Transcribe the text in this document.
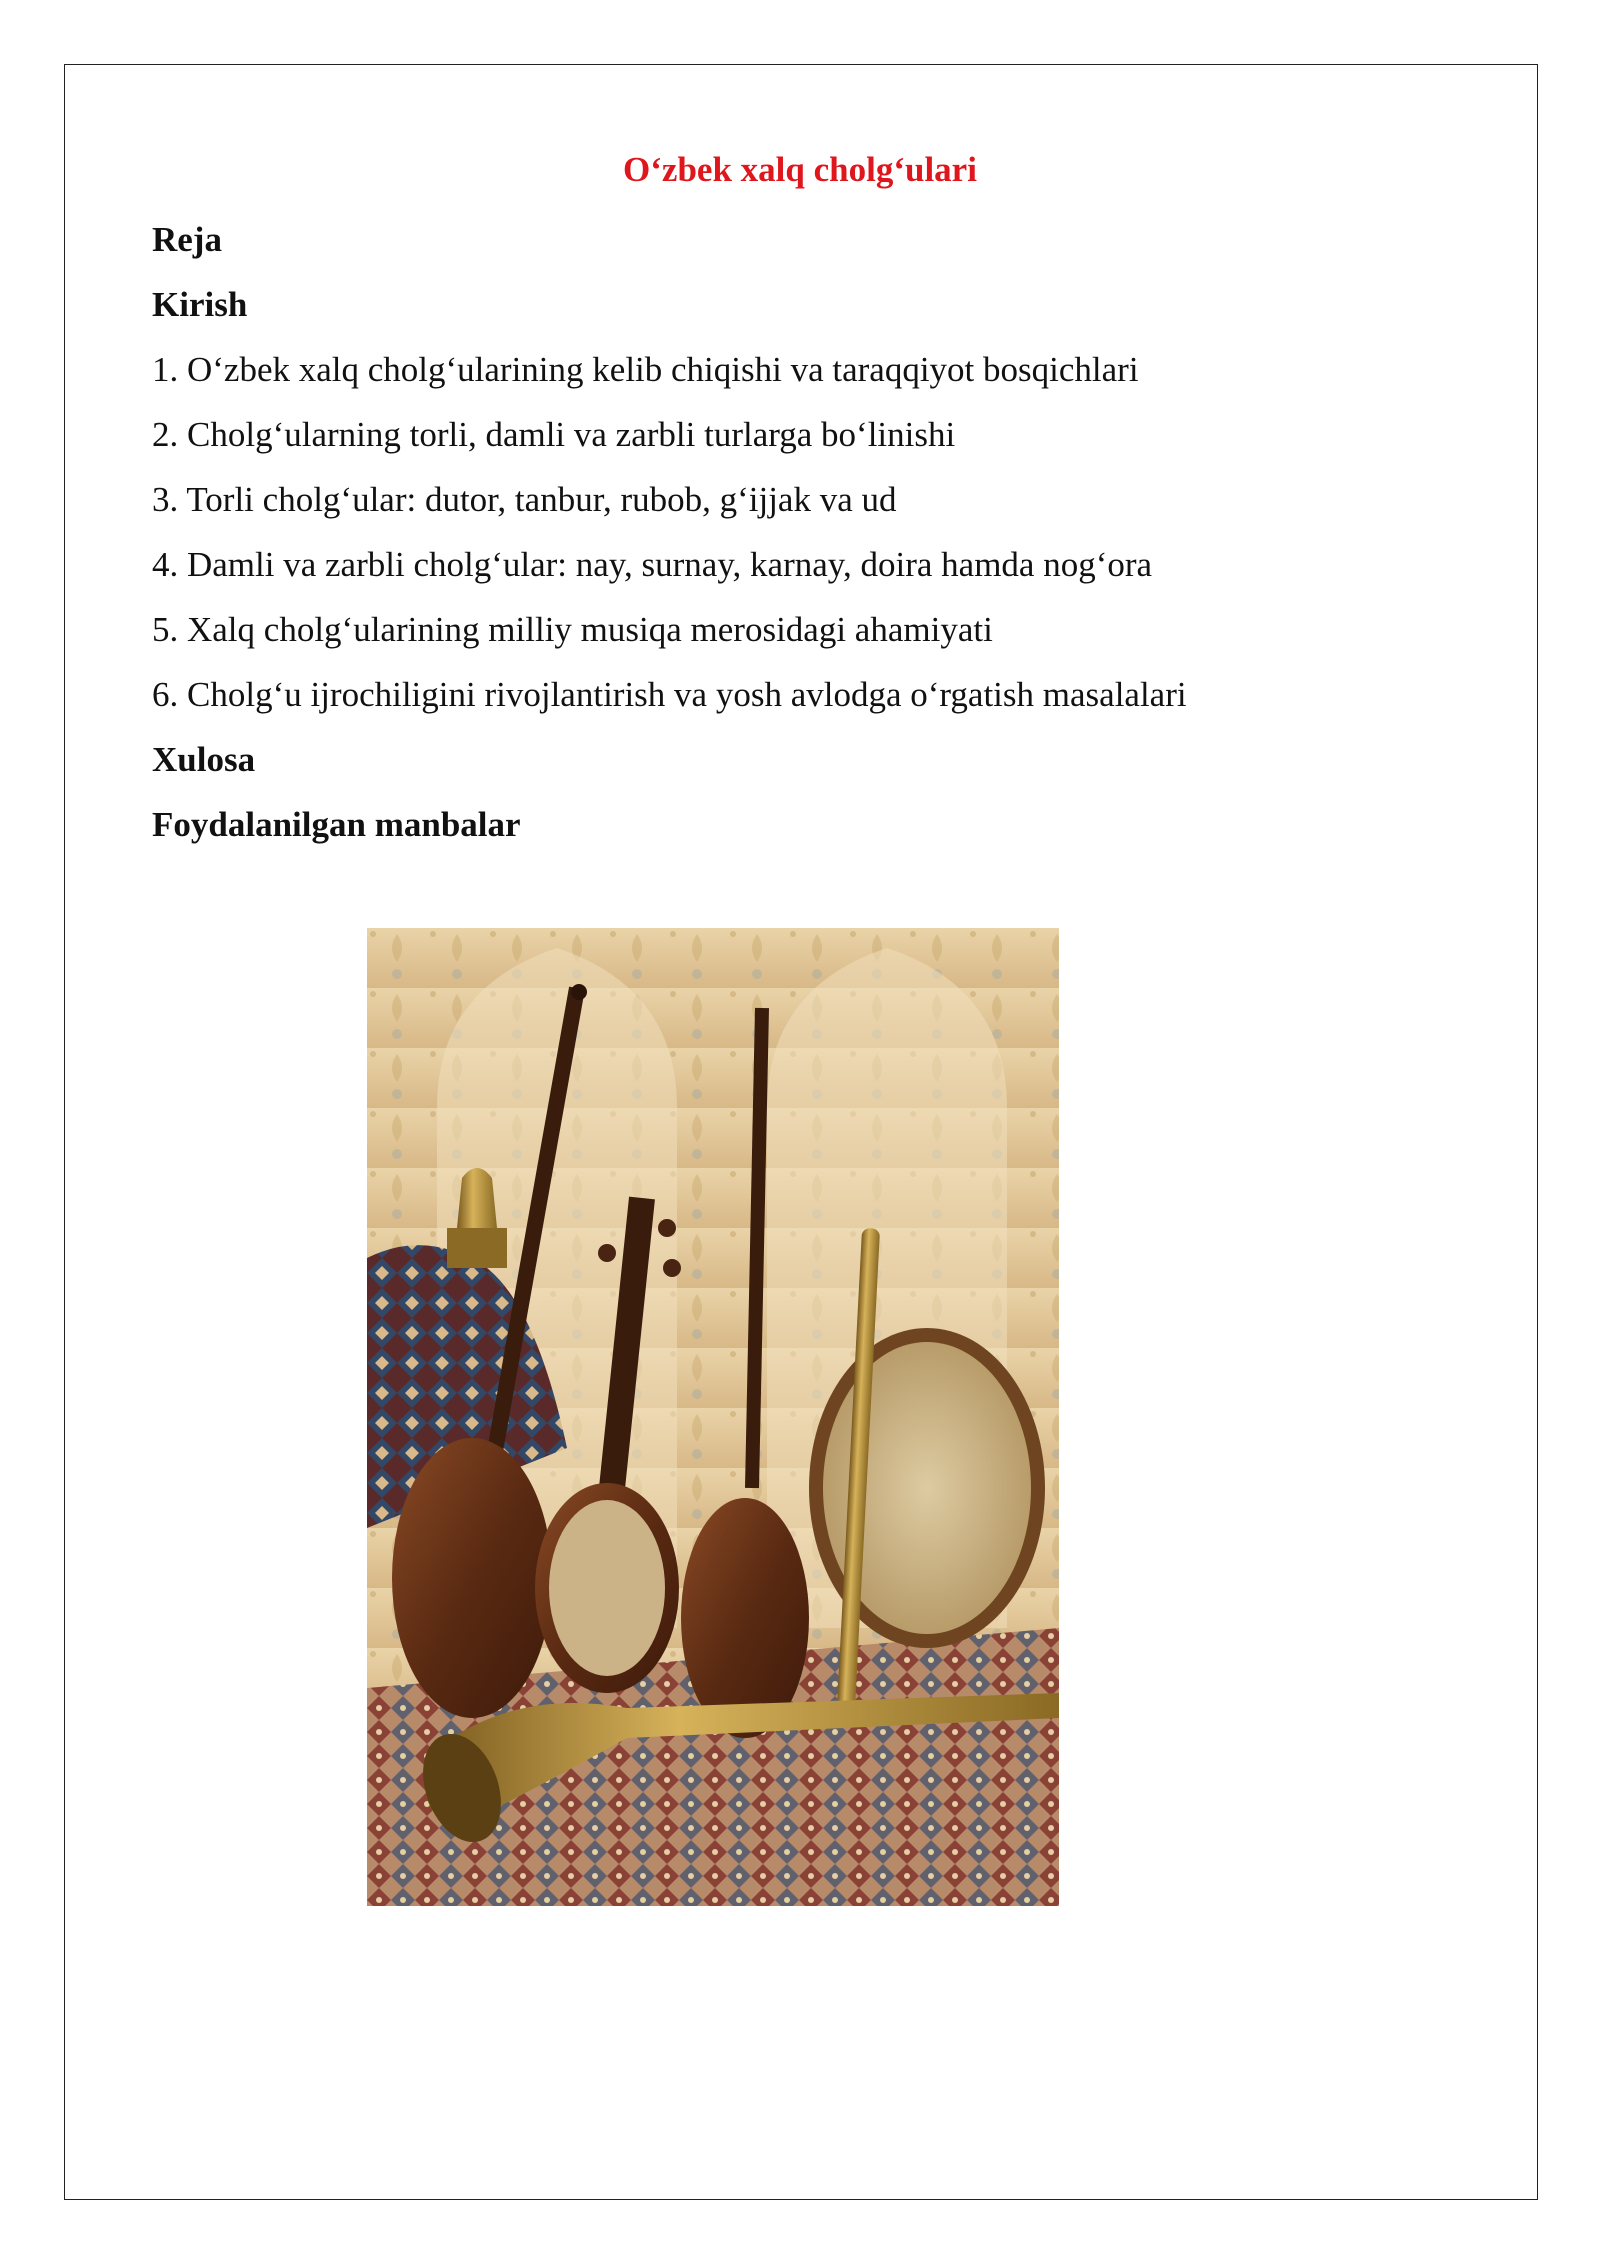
O‘zbek xalq cholg‘ulari

Reja

Kirish

1. O‘zbek xalq cholg‘ularining kelib chiqishi va taraqqiyot bosqichlari

2. Cholg‘ularning torli, damli va zarbli turlarga bo‘linishi

3. Torli cholg‘ular: dutor, tanbur, rubob, g‘ijjak va ud

4. Damli va zarbli cholg‘ular: nay, surnay, karnay, doira hamda nog‘ora

5. Xalq cholg‘ularining milliy musiqa merosidagi ahamiyati

6. Cholg‘u ijrochiligini rivojlantirish va yosh avlodga o‘rgatish masalalari

Xulosa

Foydalanilgan manbalar
